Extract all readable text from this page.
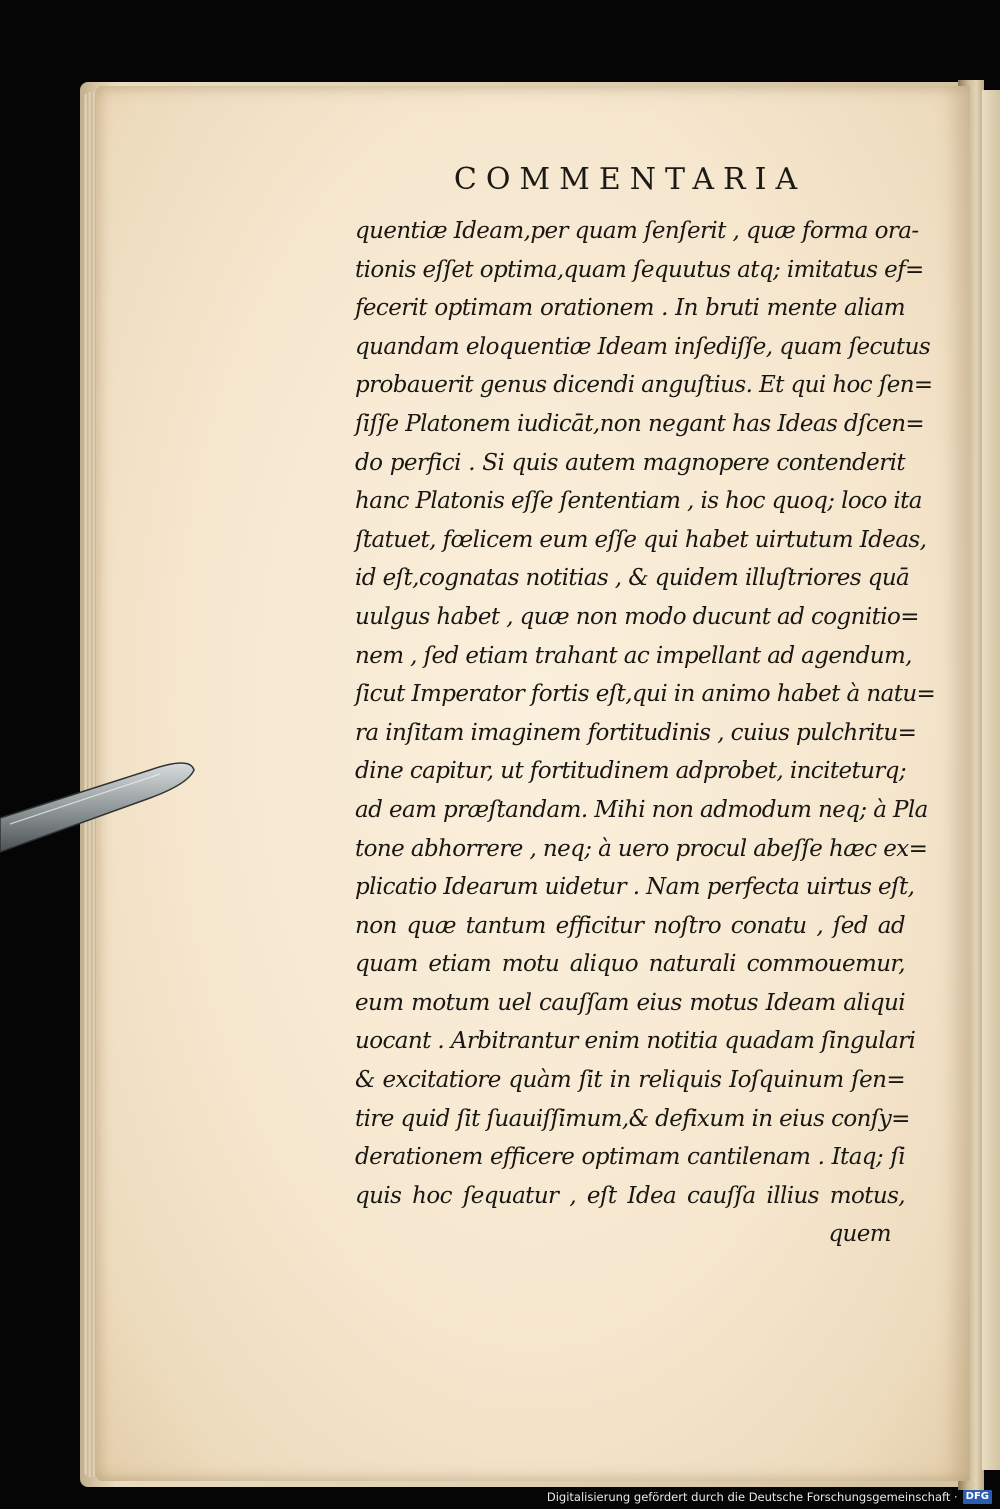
COMMENTARIA
quentiæ Ideam,per quam ſenſerit , quæ forma ora-
tionis eſſet optima,quam ſequutus atq; imitatus ef=
fecerit optimam orationem . In bruti mente aliam
quandam eloquentiæ Ideam inſediſſe, quam ſecutus
probauerit genus dicendi anguſtius. Et qui hoc ſen=
ſiſſe Platonem iudicāt,non negant has Ideas dſcen=
do perfici . Si quis autem magnopere contenderit
hanc Platonis eſſe ſententiam , is hoc quoq; loco ita
ſtatuet, fœlicem eum eſſe qui habet uirtutum Ideas,
id eſt,cognatas notitias , & quidem illuſtriores quā
uulgus habet , quæ non modo ducunt ad cognitio=
nem , ſed etiam trahant ac impellant ad agendum,
ſicut Imperator fortis eſt,qui in animo habet à natu=
ra inſitam imaginem fortitudinis , cuius pulchritu=
dine capitur, ut fortitudinem adprobet, inciteturq;
ad eam præſtandam. Mihi non admodum neq; à Pla
tone abhorrere , neq; à uero procul abeſſe hæc ex=
plicatio Idearum uidetur . Nam perfecta uirtus eſt,
non quæ tantum efficitur noſtro conatu , ſed ad
quam etiam motu aliquo naturali commouemur,
eum motum uel cauſſam eius motus Ideam aliqui
uocant . Arbitrantur enim notitia quadam ſingulari
& excitatiore quàm ſit in reliquis Ioſquinum ſen=
tire quid ſit ſuauiſſimum,& defixum in eius conſy=
derationem efficere optimam cantilenam . Itaq; ſi
quis hoc ſequatur , eſt Idea cauſſa illius motus,
quem
Digitalisierung gefördert durch die Deutsche Forschungsgemeinschaft · DFG
